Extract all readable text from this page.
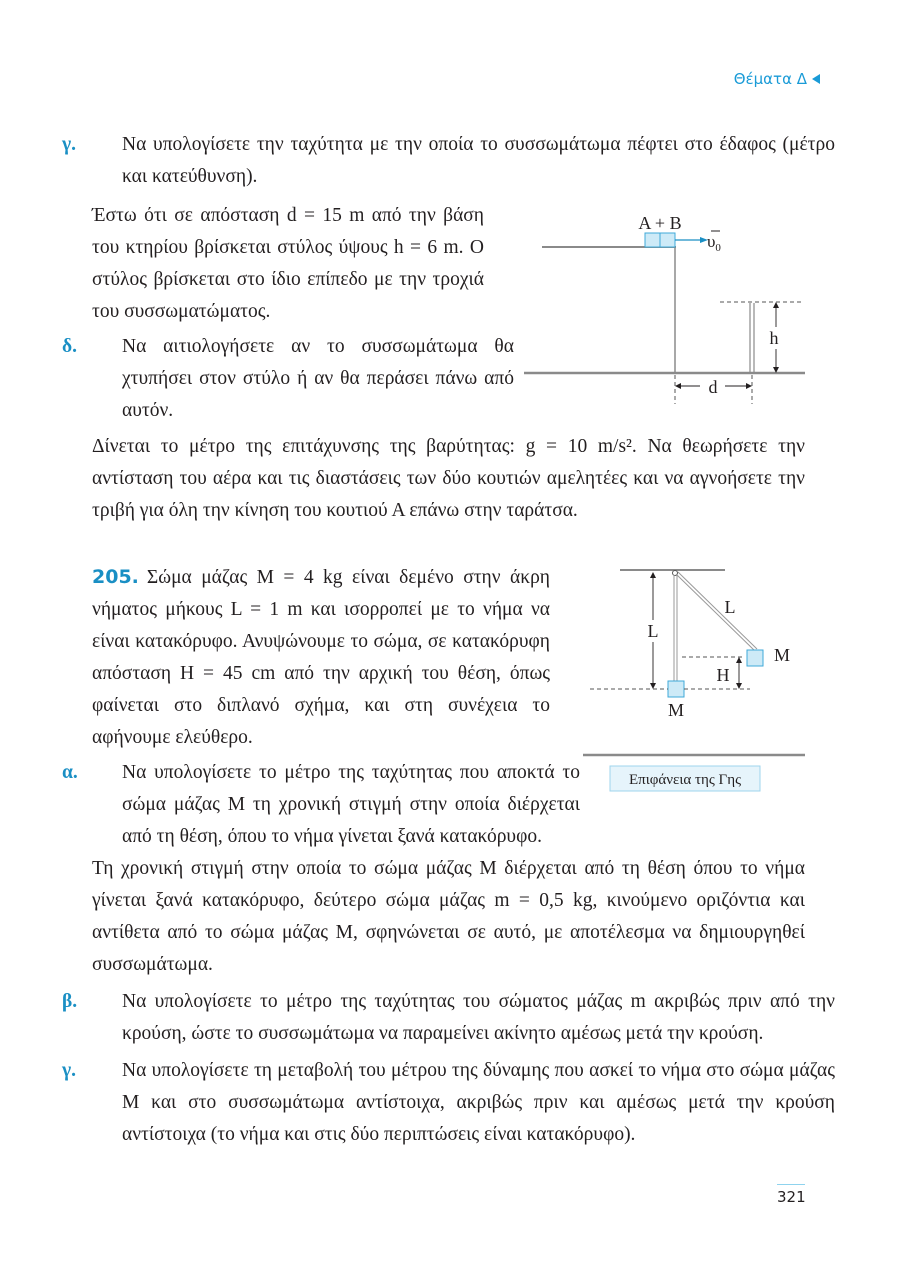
Θέματα Δ
γ. Να υπολογίσετε την ταχύτητα με την οποία το συσσωμάτωμα πέφτει στο έδαφος (μέτρο και κατεύθυνση).
Έστω ότι σε απόσταση d = 15 m από την βάση του κτηρίου βρίσκεται στύλος ύψους h = 6 m. Ο στύλος βρίσκεται στο ίδιο επίπεδο με την τροχιά του συσσωματώματος.
δ. Να αιτιολογήσετε αν το συσσωμάτωμα θα χτυπήσει στον στύλο ή αν θα περάσει πάνω από αυτόν.
A + B
$\upsilon_0$
h
d
Δίνεται το μέτρο της επιτάχυνσης της βαρύτητας: g = 10 m/s². Να θεωρήσετε την αντίσταση του αέρα και τις διαστάσεις των δύο κουτιών αμελητέες και να αγνοήσετε την τριβή για όλη την κίνηση του κουτιού Α επάνω στην ταράτσα.
205. Σώμα μάζας M = 4 kg είναι δεμένο στην άκρη νήματος μήκους L = 1 m και ισορροπεί με το νήμα να είναι κατακόρυφο. Ανυψώνουμε το σώμα, σε κατακόρυφη απόσταση H = 45 cm από την αρχική του θέση, όπως φαίνεται στο διπλανό σχήμα, και στη συνέχεια το αφήνουμε ελεύθερο.
L
L
H
M
M
Επιφάνεια της Γης
α. Να υπολογίσετε το μέτρο της ταχύτητας που αποκτά το σώμα μάζας M τη χρονική στιγμή στην οποία διέρχεται από τη θέση, όπου το νήμα γίνεται ξανά κατακόρυφο.
Τη χρονική στιγμή στην οποία το σώμα μάζας M διέρχεται από τη θέση όπου το νήμα γίνεται ξανά κατακόρυφο, δεύτερο σώμα μάζας m = 0,5 kg, κινούμενο οριζόντια και αντίθετα από το σώμα μάζας M, σφηνώνεται σε αυτό, με αποτέλεσμα να δημιουργηθεί συσσωμάτωμα.
β. Να υπολογίσετε το μέτρο της ταχύτητας του σώματος μάζας m ακριβώς πριν από την κρούση, ώστε το συσσωμάτωμα να παραμείνει ακίνητο αμέσως μετά την κρούση.
γ. Να υπολογίσετε τη μεταβολή του μέτρου της δύναμης που ασκεί το νήμα στο σώμα μάζας M και στο συσσωμάτωμα αντίστοιχα, ακριβώς πριν και αμέσως μετά την κρούση αντίστοιχα (το νήμα και στις δύο περιπτώσεις είναι κατακόρυφο).
321
